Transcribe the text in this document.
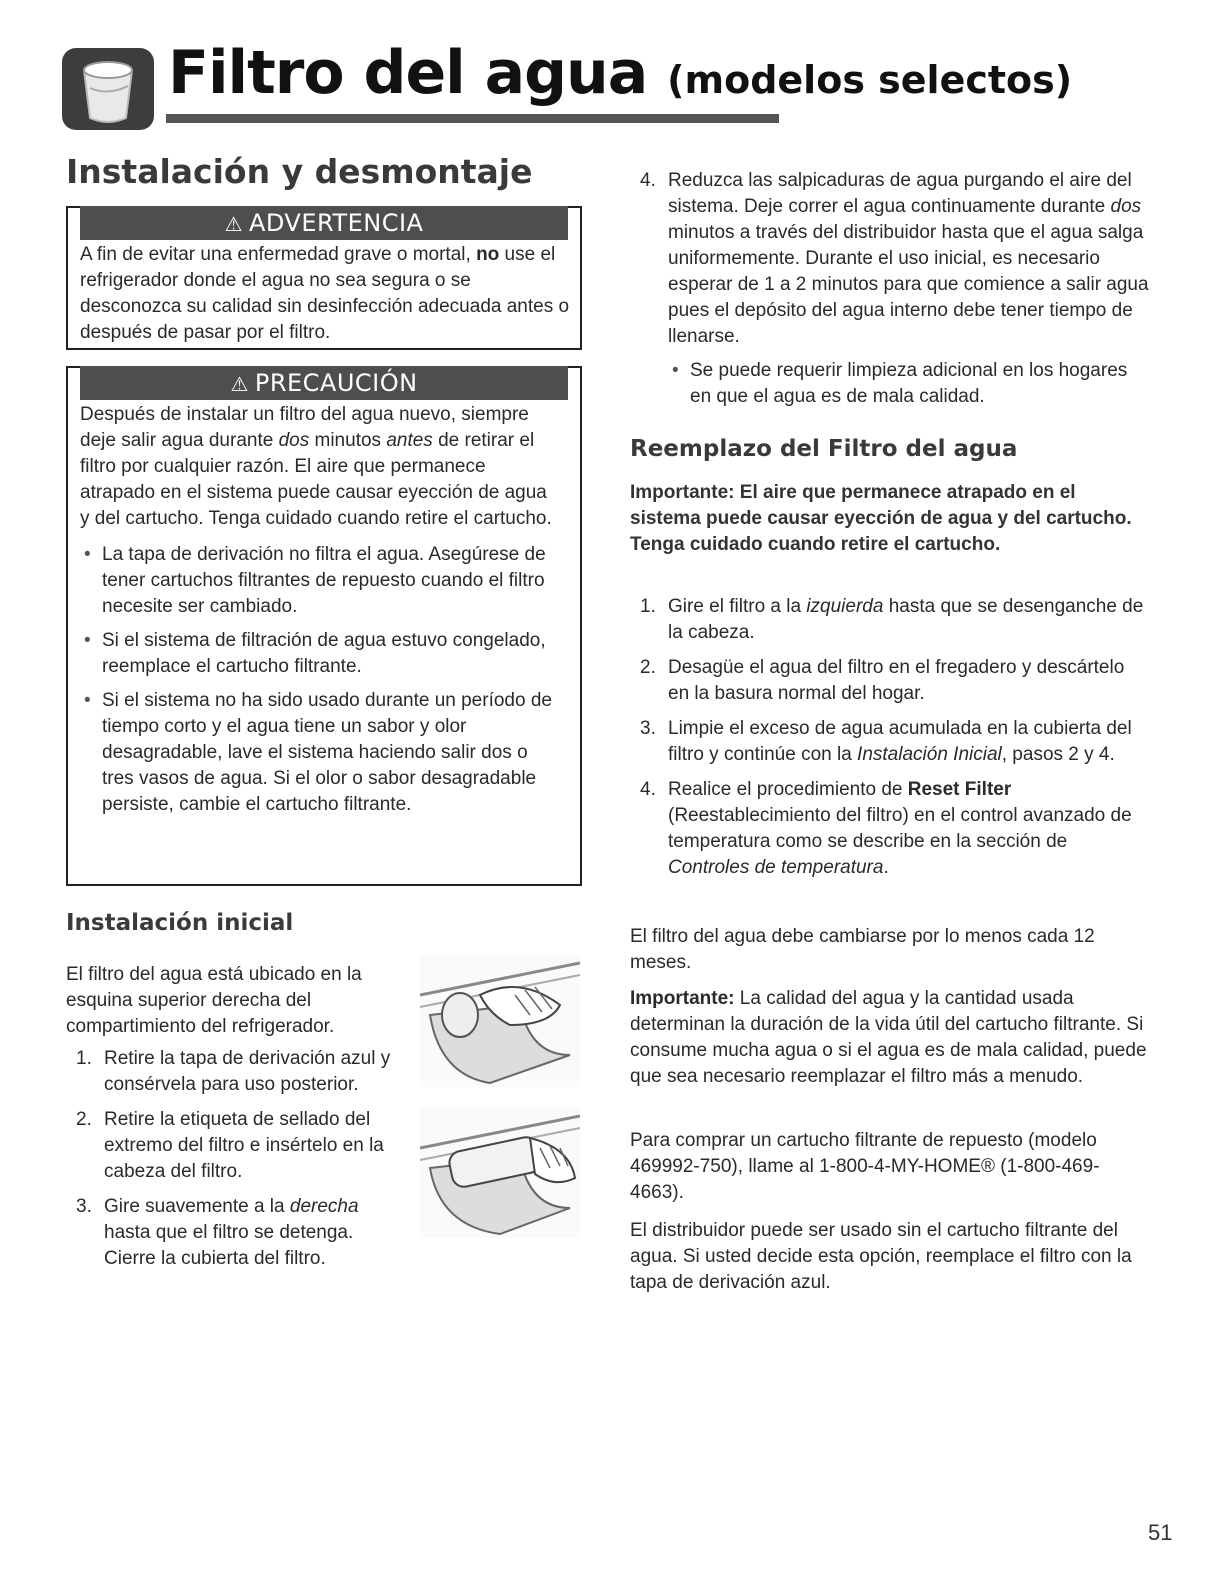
Filtro del agua (modelos selectos)
Instalación y desmontaje
⚠ ADVERTENCIA
A fin de evitar una enfermedad grave o mortal, no use el refrigerador donde el agua no sea segura o se desconozca su calidad sin desinfección adecuada antes o después de pasar por el filtro.
⚠ PRECAUCIÓN
Después de instalar un filtro del agua nuevo, siempre deje salir agua durante dos minutos antes de retirar el filtro por cualquier razón. El aire que permanece atrapado en el sistema puede causar eyección de agua y del cartucho. Tenga cuidado cuando retire el cartucho.
• La tapa de derivación no filtra el agua. Asegúrese de tener cartuchos filtrantes de repuesto cuando el filtro necesite ser cambiado.
• Si el sistema de filtración de agua estuvo congelado, reemplace el cartucho filtrante.
• Si el sistema no ha sido usado durante un período de tiempo corto y el agua tiene un sabor y olor desagradable, lave el sistema haciendo salir dos o tres vasos de agua. Si el olor o sabor desagradable persiste, cambie el cartucho filtrante.
Instalación inicial
El filtro del agua está ubicado en la esquina superior derecha del compartimiento del refrigerador.
1. Retire la tapa de derivación azul y consérvela para uso posterior.
2. Retire la etiqueta de sellado del extremo del filtro e insértelo en la cabeza del filtro.
3. Gire suavemente a la derecha hasta que el filtro se detenga. Cierre la cubierta del filtro.
4. Reduzca las salpicaduras de agua purgando el aire del sistema. Deje correr el agua continuamente durante dos minutos a través del distribuidor hasta que el agua salga uniformemente. Durante el uso inicial, es necesario esperar de 1 a 2 minutos para que comience a salir agua pues el depósito del agua interno debe tener tiempo de llenarse.
• Se puede requerir limpieza adicional en los hogares en que el agua es de mala calidad.
Reemplazo del Filtro del agua
Importante: El aire que permanece atrapado en el sistema puede causar eyección de agua y del cartucho. Tenga cuidado cuando retire el cartucho.
1. Gire el filtro a la izquierda hasta que se desenganche de la cabeza.
2. Desagüe el agua del filtro en el fregadero y descártelo en la basura normal del hogar.
3. Limpie el exceso de agua acumulada en la cubierta del filtro y continúe con la Instalación Inicial, pasos 2 y 4.
4. Realice el procedimiento de Reset Filter (Reestablecimiento del filtro) en el control avanzado de temperatura como se describe en la sección de Controles de temperatura.
El filtro del agua debe cambiarse por lo menos cada 12 meses.
Importante: La calidad del agua y la cantidad usada determinan la duración de la vida útil del cartucho filtrante. Si consume mucha agua o si el agua es de mala calidad, puede que sea necesario reemplazar el filtro más a menudo.
Para comprar un cartucho filtrante de repuesto (modelo 469992-750), llame al 1-800-4-MY-HOME® (1-800-469-4663).
El distribuidor puede ser usado sin el cartucho filtrante del agua. Si usted decide esta opción, reemplace el filtro con la tapa de derivación azul.
51
